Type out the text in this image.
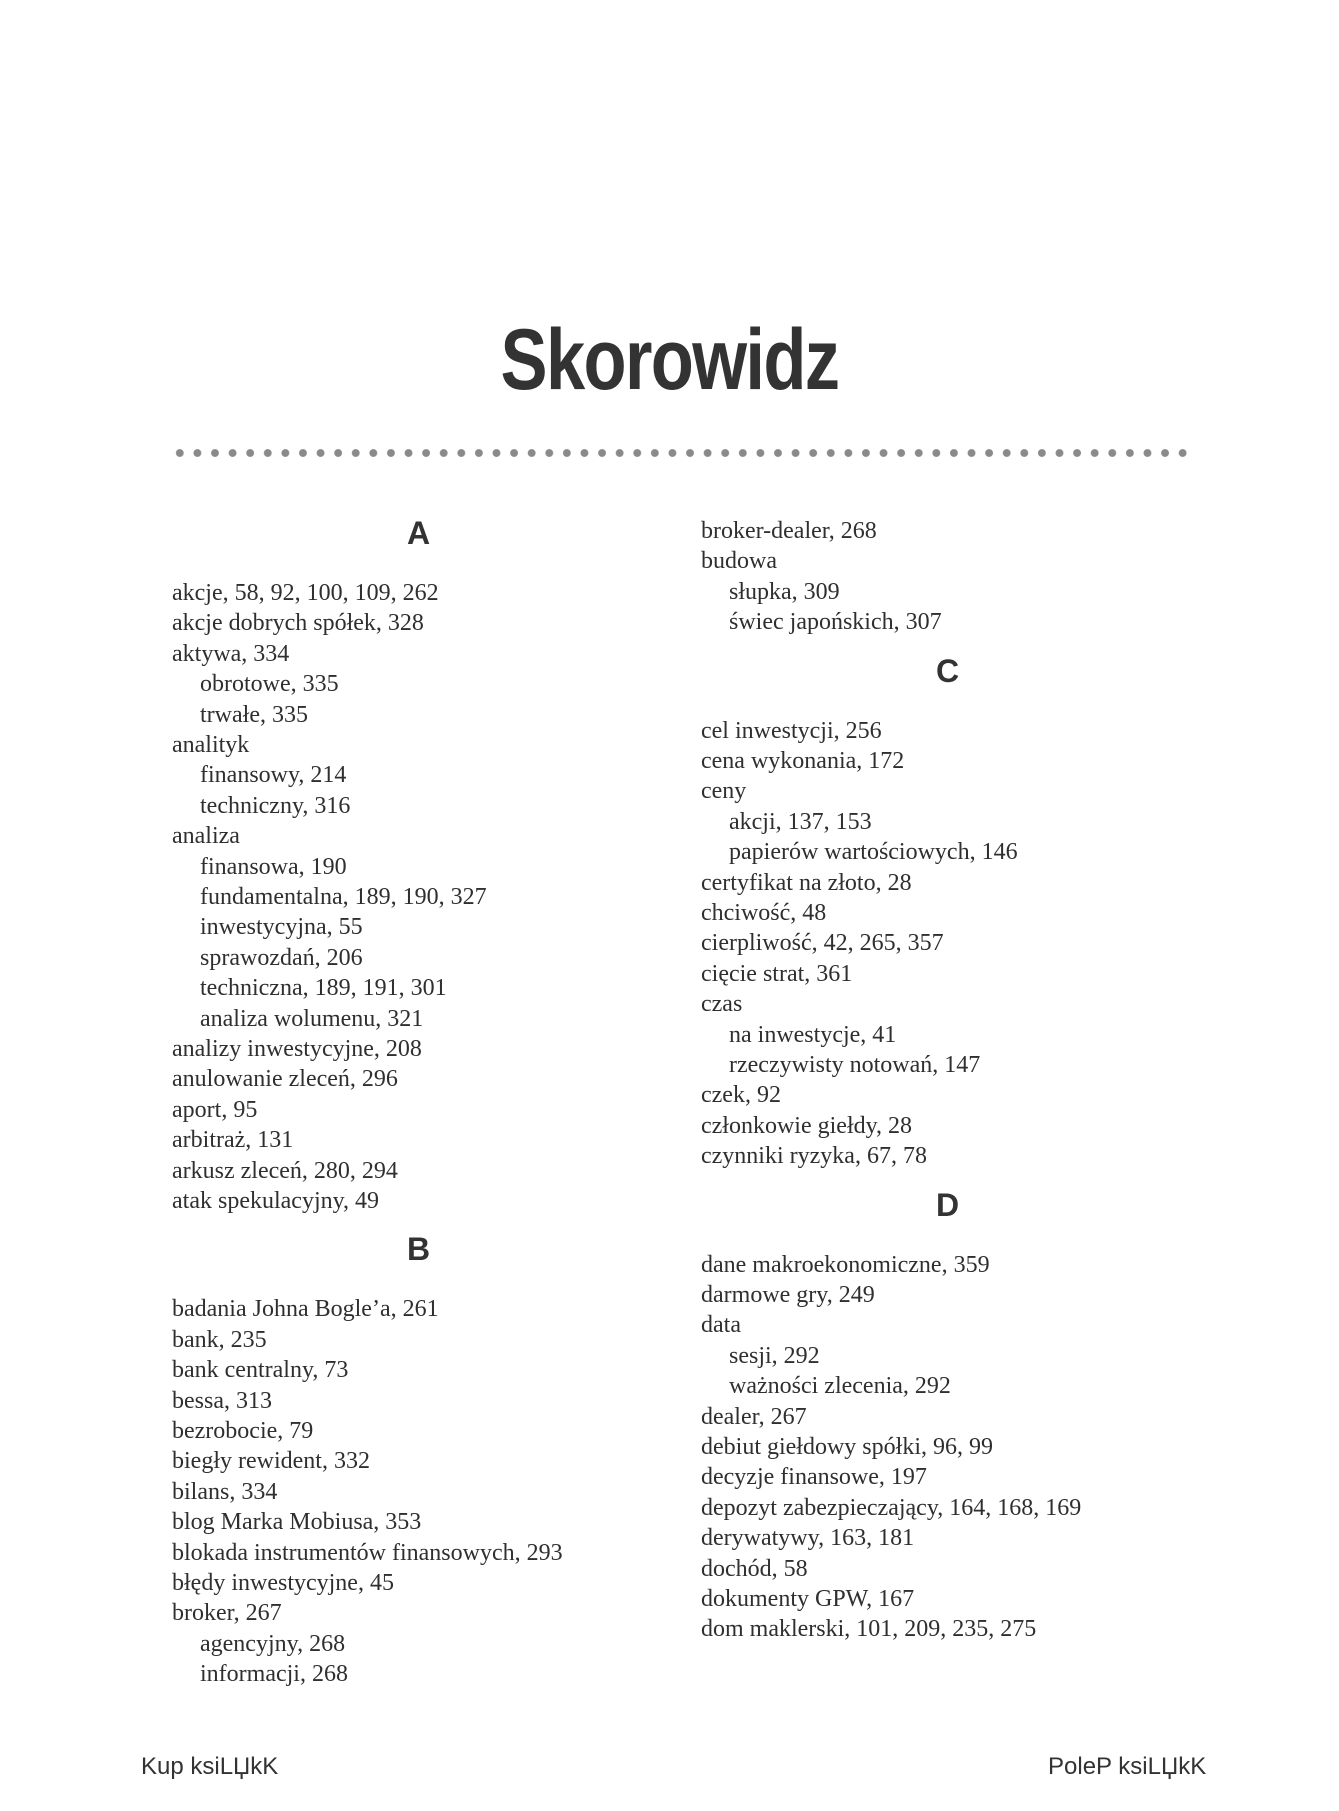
Skorowidz
A
akcje, 58, 92, 100, 109, 262
akcje dobrych spółek, 328
aktywa, 334
obrotowe, 335
trwałe, 335
analityk
finansowy, 214
techniczny, 316
analiza
finansowa, 190
fundamentalna, 189, 190, 327
inwestycyjna, 55
sprawozdań, 206
techniczna, 189, 191, 301
analiza wolumenu, 321
analizy inwestycyjne, 208
anulowanie zleceń, 296
aport, 95
arbitraż, 131
arkusz zleceń, 280, 294
atak spekulacyjny, 49
B
badania Johna Bogle’a, 261
bank, 235
bank centralny, 73
bessa, 313
bezrobocie, 79
biegły rewident, 332
bilans, 334
blog Marka Mobiusa, 353
blokada instrumentów finansowych, 293
błędy inwestycyjne, 45
broker, 267
agencyjny, 268
informacji, 268
broker-dealer, 268
budowa
słupka, 309
świec japońskich, 307
C
cel inwestycji, 256
cena wykonania, 172
ceny
akcji, 137, 153
papierów wartościowych, 146
certyfikat na złoto, 28
chciwość, 48
cierpliwość, 42, 265, 357
cięcie strat, 361
czas
na inwestycje, 41
rzeczywisty notowań, 147
czek, 92
członkowie giełdy, 28
czynniki ryzyka, 67, 78
D
dane makroekonomiczne, 359
darmowe gry, 249
data
sesji, 292
ważności zlecenia, 292
dealer, 267
debiut giełdowy spółki, 96, 99
decyzje finansowe, 197
depozyt zabezpieczający, 164, 168, 169
derywatywy, 163, 181
dochód, 58
dokumenty GPW, 167
dom maklerski, 101, 209, 235, 275
Kup ksiLЏkK	PoleP ksiLЏkK
